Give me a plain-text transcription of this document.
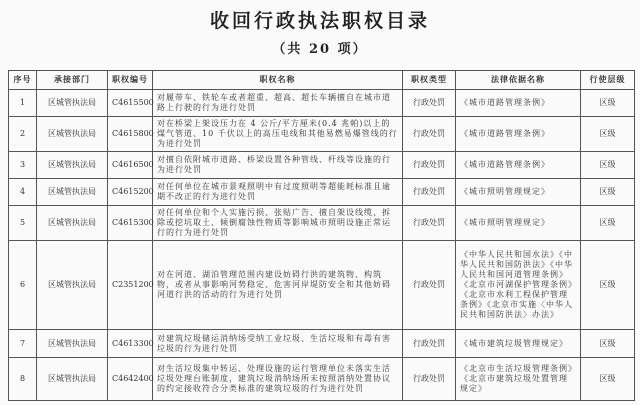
收回行政执法职权目录
（共 20 项）
序号	承接部门	职权编号	职权名称	职权类型	法律依据名称	行使层级
1	区城管执法局	C4615500	对履带车、铁轮车或者超重、超高、超长车辆擅自在城市道路上行驶的行为进行处罚	行政处罚	《城市道路管理条例》	区级
2	区城管执法局	C4615800	对在桥梁上架设压力在 4 公斤/平方厘米(0.4 兆帕)以上的煤气管道、10 千伏以上的高压电线和其他易燃易爆管线的行为进行处罚	行政处罚	《城市道路管理条例》	区级
3	区城管执法局	C4616500	对擅自依附城市道路、桥梁设置各种管线、杆线等设施的行为进行处罚	行政处罚	《城市道路管理条例》	区级
4	区城管执法局	C4615200	对任何单位在城市景观照明中有过度照明等超能耗标准且逾期不改正的行为进行处罚	行政处罚	《城市照明管理规定》	区级
5	区城管执法局	C4615300	对任何单位和个人实施污损、张贴广告、擅自架设线缆、拆除或挖坑取土、倾倒腐蚀性物质等影响城市照明设施正常运行的行为进行处罚	行政处罚	《城市照明管理规定》	区级
6	区城管执法局	C2351200	对在河道、湖泊管理范围内建设妨碍行洪的建筑物、构筑物，或者从事影响河势稳定、危害河岸堤防安全和其他妨碍河道行洪的活动的行为进行处罚	行政处罚	《中华人民共和国水法》《中华人民共和国防洪法》《中华人民共和国河道管理条例》《北京市河湖保护管理条例》《北京市水利工程保护管理条例》《北京市实施〈中华人民共和国防洪法〉办法》	区级
7	区城管执法局	C4613300	对建筑垃圾储运消纳场受纳工业垃圾、生活垃圾和有毒有害垃圾的行为进行处罚	行政处罚	《城市建筑垃圾管理规定》	区级
8	区城管执法局	C4642400	对生活垃圾集中转运、处理设施的运行管理单位未落实生活垃圾处理台账制度，建筑垃圾消纳场所未按照消纳处置协议的约定接收符合分类标准的建筑垃圾的行为进行处罚	行政处罚	《北京市生活垃圾管理条例》《北京市建筑垃圾处置管理规定》	区级
